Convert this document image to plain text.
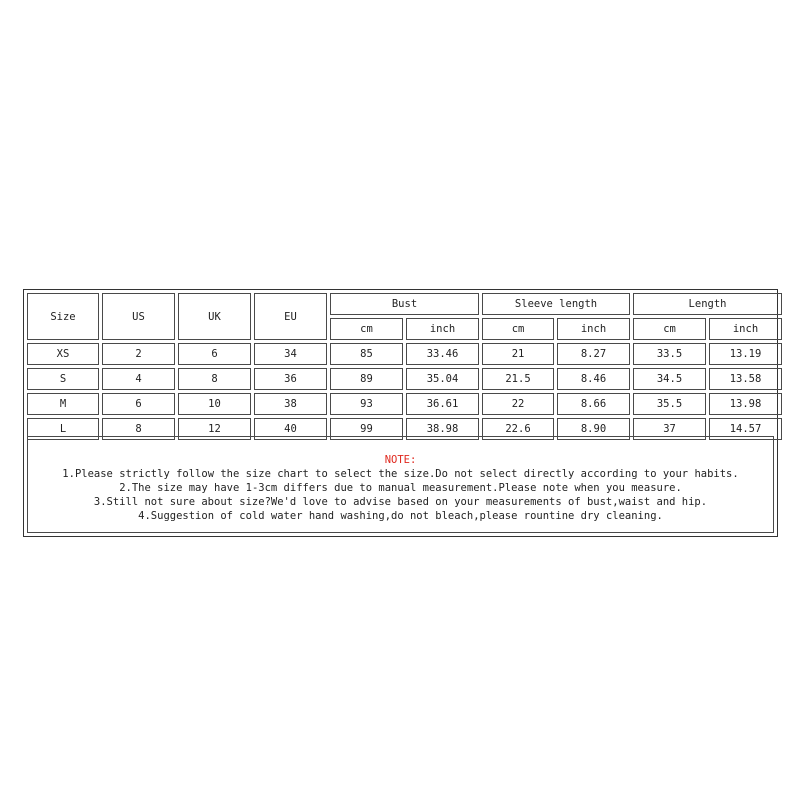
Size	US	UK	EU	Bust		Sleeve length		Length	
				cm	inch	cm	inch	cm	inch
XS	2	6	34	85	33.46	21	8.27	33.5	13.19
S	4	8	36	89	35.04	21.5	8.46	34.5	13.58
M	6	10	38	93	36.61	22	8.66	35.5	13.98
L	8	12	40	99	38.98	22.6	8.90	37	14.57
NOTE:
1.Please strictly follow the size chart to select the size.Do not select directly according to your habits.
2.The size may have 1-3cm differs due to manual measurement.Please note when you measure.
3.Still not sure about size?We'd love to advise based on your measurements of bust,waist and hip.
4.Suggestion of cold water hand washing,do not bleach,please rountine dry cleaning.
